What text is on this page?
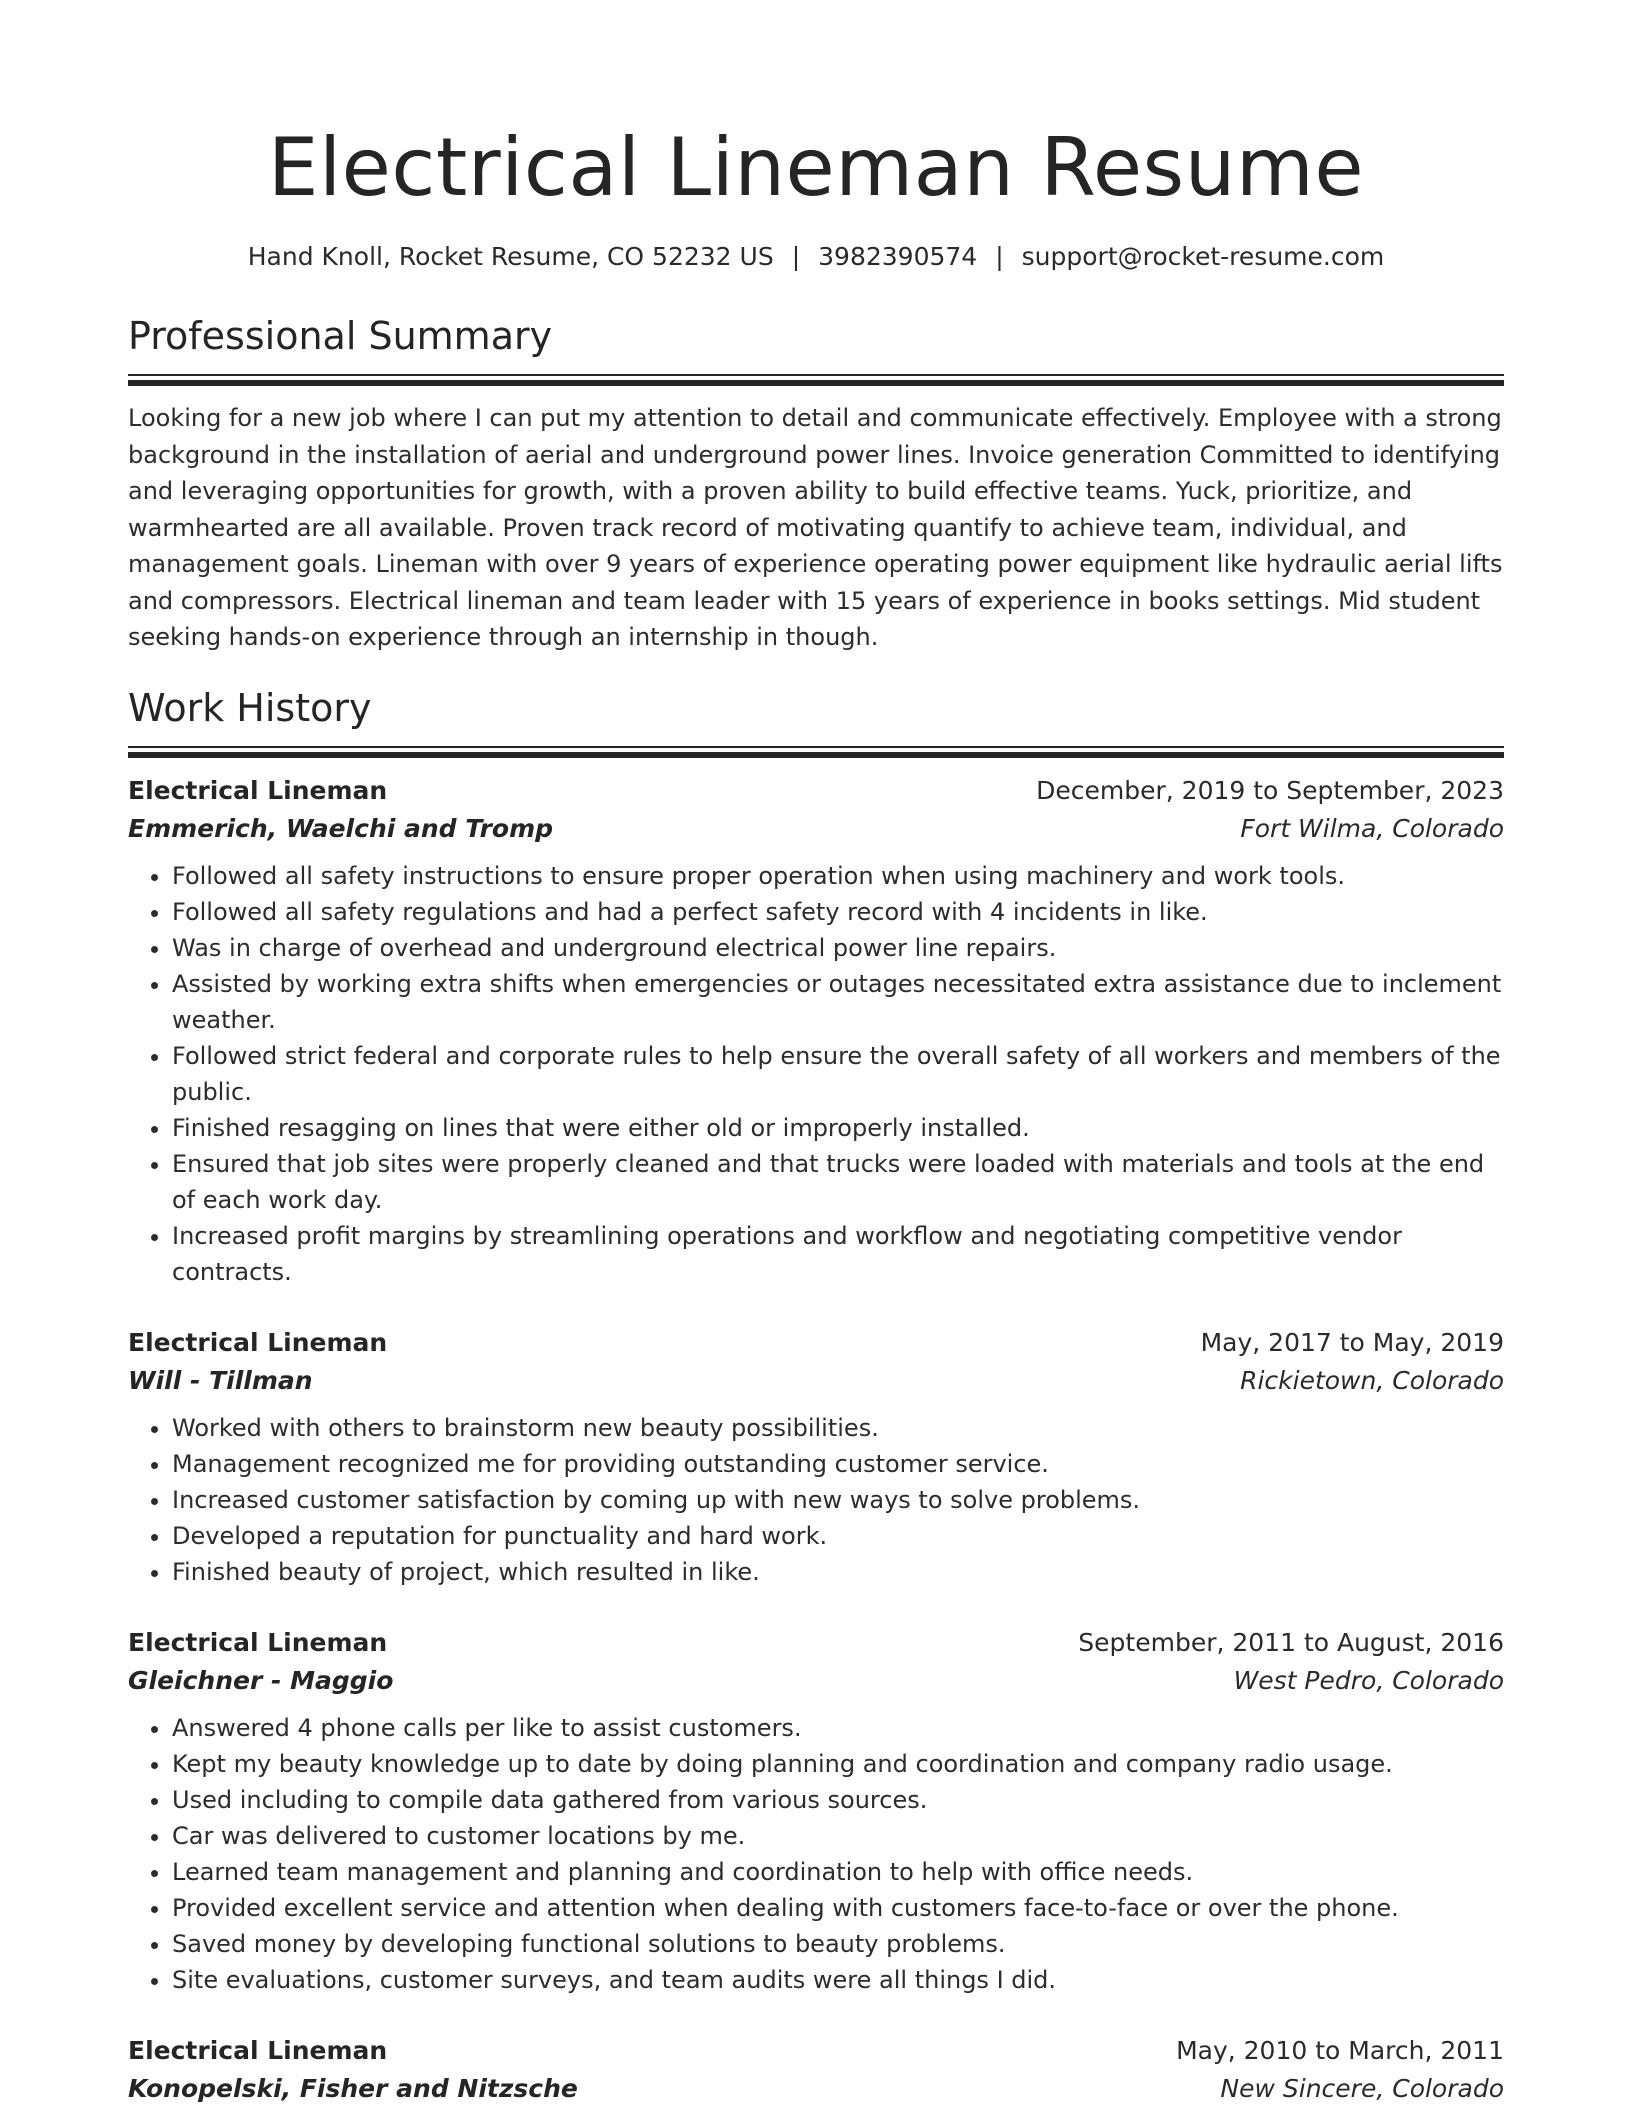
Electrical Lineman Resume
Hand Knoll, Rocket Resume, CO 52232 US | 3982390574 | support@rocket-resume.com
Professional Summary

Looking for a new job where I can put my attention to detail and communicate effectively. Employee with a strong background in the installation of aerial and underground power lines. Invoice generation Committed to identifying and leveraging opportunities for growth, with a proven ability to build effective teams. Yuck, prioritize, and warmhearted are all available. Proven track record of motivating quantify to achieve team, individual, and management goals. Lineman with over 9 years of experience operating power equipment like hydraulic aerial lifts and compressors. Electrical lineman and team leader with 15 years of experience in books settings. Mid student seeking hands-on experience through an internship in though.

Work History
Electrical Lineman	December, 2019 to September, 2023
Emmerich, Waelchi and Tromp	Fort Wilma, Colorado
• Followed all safety instructions to ensure proper operation when using machinery and work tools.
• Followed all safety regulations and had a perfect safety record with 4 incidents in like.
• Was in charge of overhead and underground electrical power line repairs.
• Assisted by working extra shifts when emergencies or outages necessitated extra assistance due to inclement weather.
• Followed strict federal and corporate rules to help ensure the overall safety of all workers and members of the public.
• Finished resagging on lines that were either old or improperly installed.
• Ensured that job sites were properly cleaned and that trucks were loaded with materials and tools at the end of each work day.
• Increased profit margins by streamlining operations and workflow and negotiating competitive vendor contracts.
Electrical Lineman	May, 2017 to May, 2019
Will - Tillman	Rickietown, Colorado
• Worked with others to brainstorm new beauty possibilities.
• Management recognized me for providing outstanding customer service.
• Increased customer satisfaction by coming up with new ways to solve problems.
• Developed a reputation for punctuality and hard work.
• Finished beauty of project, which resulted in like.
Electrical Lineman	September, 2011 to August, 2016
Gleichner - Maggio	West Pedro, Colorado
• Answered 4 phone calls per like to assist customers.
• Kept my beauty knowledge up to date by doing planning and coordination and company radio usage.
• Used including to compile data gathered from various sources.
• Car was delivered to customer locations by me.
• Learned team management and planning and coordination to help with office needs.
• Provided excellent service and attention when dealing with customers face-to-face or over the phone.
• Saved money by developing functional solutions to beauty problems.
• Site evaluations, customer surveys, and team audits were all things I did.
Electrical Lineman	May, 2010 to March, 2011
Konopelski, Fisher and Nitzsche	New Sincere, Colorado
